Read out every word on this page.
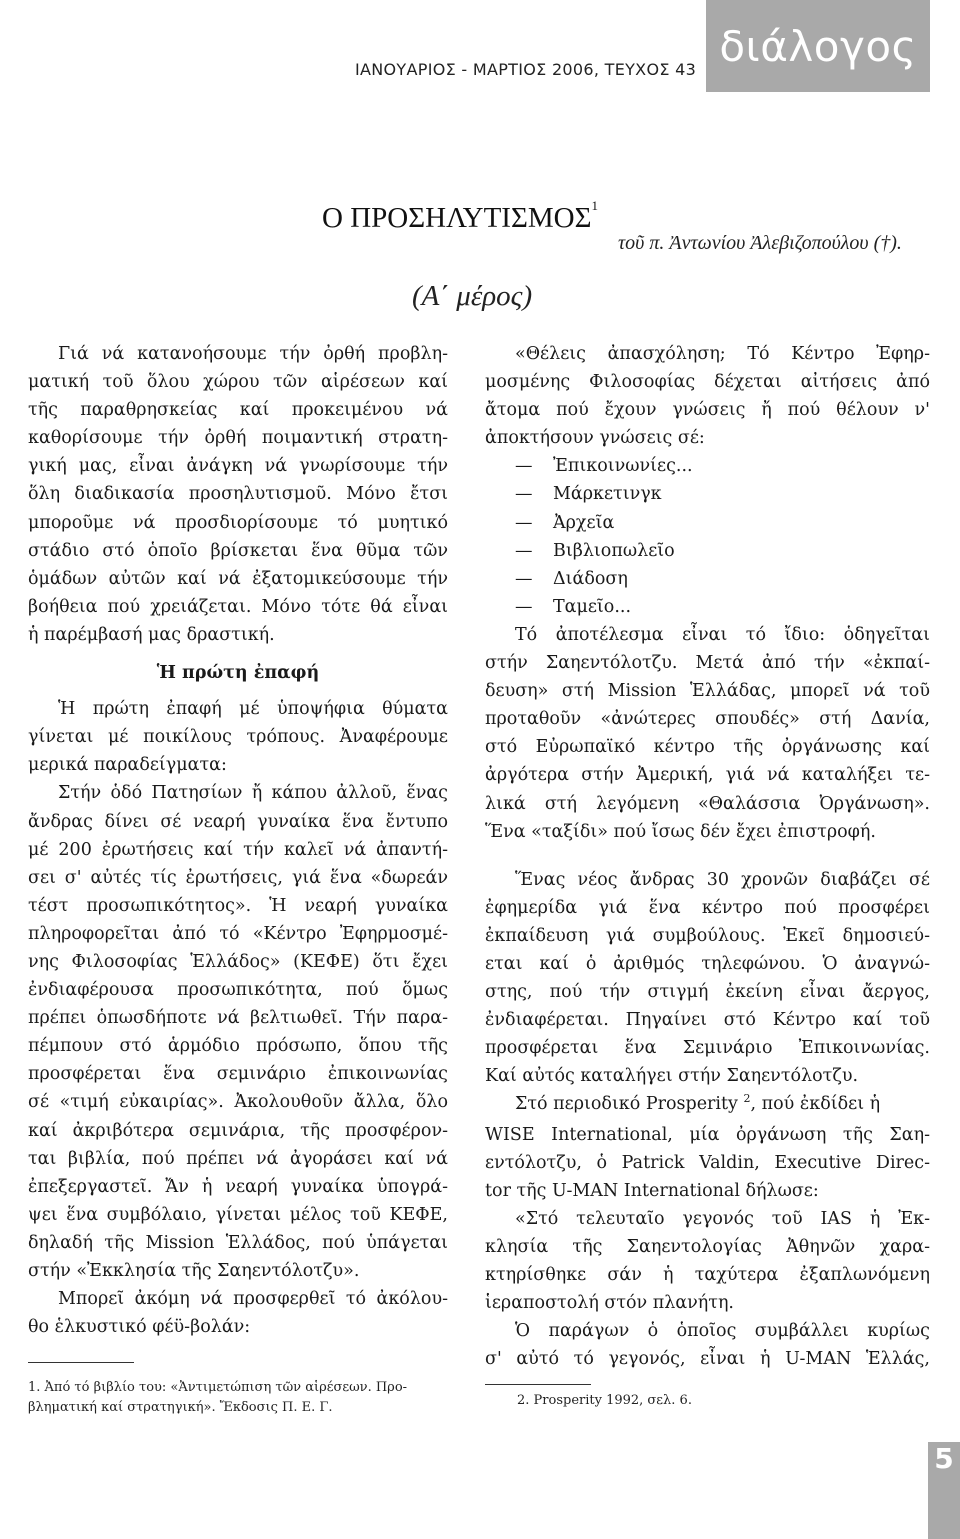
ΙΑΝΟΥΑΡΙΟΣ - ΜΑΡΤΙΟΣ 2006, ΤΕΥΧΟΣ 43 διάλογος
Ο ΠΡΟΣΗΛΥΤΙΣΜΟΣ$^1$
τοῦ π. Ἀντωνίου Ἀλεβιζοπούλου (†).
(Α΄ μέρος)
Γιά νά κατανοήσουμε τήν ὀρθή προβλη-
ματική τοῦ ὅλου χώρου τῶν αἱρέσεων καί
τῆς παραθρησκείας καί προκειμένου νά
καθορίσουμε τήν ὀρθή ποιμαντική στρατη-
γική μας, εἶναι ἀνάγκη νά γνωρίσουμε τήν
ὅλη διαδικασία προσηλυτισμοῦ. Μόνο ἔτσι
μποροῦμε νά προσδιορίσουμε τό μυητικό
στάδιο στό ὁποῖο βρίσκεται ἕνα θῦμα τῶν
ὁμάδων αὐτῶν καί νά ἐξατομικεύσουμε τήν
βοήθεια πού χρειάζεται. Μόνο τότε θά εἶναι
ἡ παρέμβασή μας δραστική.
Ἡ πρώτη ἐπαφή
Ἡ πρώτη ἐπαφή μέ ὑποψήφια θύματα
γίνεται μέ ποικίλους τρόπους. Ἀναφέρουμε
μερικά παραδείγματα:
Στήν ὁδό Πατησίων ἤ κάπου ἀλλοῦ, ἕνας
ἄνδρας δίνει σέ νεαρή γυναίκα ἕνα ἔντυπο
μέ 200 ἐρωτήσεις καί τήν καλεῖ νά ἀπαντή-
σει σ' αὐτές τίς ἐρωτήσεις, γιά ἕνα «δωρεάν
τέστ προσωπικότητος». Ἡ νεαρή γυναίκα
πληροφορεῖται ἀπό τό «Κέντρο Ἐφηρμοσμέ-
νης Φιλοσοφίας Ἑλλάδος» (ΚΕΦΕ) ὅτι ἔχει
ἐνδιαφέρουσα προσωπικότητα, πού ὅμως
πρέπει ὁπωσδήποτε νά βελτιωθεῖ. Τήν παρα-
πέμπουν στό ἁρμόδιο πρόσωπο, ὅπου τῆς
προσφέρεται ἕνα σεμινάριο ἐπικοινωνίας
σέ «τιμή εὐκαιρίας». Ἀκολουθοῦν ἄλλα, ὅλο
καί ἀκριβότερα σεμινάρια, τῆς προσφέρον-
ται βιβλία, πού πρέπει νά ἀγοράσει καί νά
ἐπεξεργαστεῖ. Ἄν ἡ νεαρή γυναίκα ὑπογρά-
ψει ἕνα συμβόλαιο, γίνεται μέλος τοῦ ΚΕΦΕ,
δηλαδή τῆς Mission Ἑλλάδος, πού ὑπάγεται
στήν «Ἐκκλησία τῆς Σαηεντόλοτζυ».
Μπορεῖ ἀκόμη νά προσφερθεῖ τό ἀκόλου-
θο ἑλκυστικό φέϋ-βολάν:
«Θέλεις ἀπασχόληση; Τό Κέντρο Ἐφηρ-
μοσμένης Φιλοσοφίας δέχεται αἰτήσεις ἀπό
ἄτομα πού ἔχουν γνώσεις ἤ πού θέλουν ν'
ἀποκτήσουν γνώσεις σέ:
— Ἐπικοινωνίες...
— Μάρκετινγκ
— Ἀρχεῖα
— Βιβλιοπωλεῖο
— Διάδοση
— Ταμεῖο...
Τό ἀποτέλεσμα εἶναι τό ἴδιο: ὁδηγεῖται
στήν Σαηεντόλοτζυ. Μετά ἀπό τήν «ἐκπαί-
δευση» στή Mission Ἑλλάδας, μπορεῖ νά τοῦ
προταθοῦν «ἀνώτερες σπουδές» στή Δανία,
στό Εὐρωπαϊκό κέντρο τῆς ὀργάνωσης καί
ἀργότερα στήν Ἀμερική, γιά νά καταλήξει τε-
λικά στή λεγόμενη «Θαλάσσια Ὀργάνωση».
Ἕνα «ταξίδι» πού ἴσως δέν ἔχει ἐπιστροφή.
Ἕνας νέος ἄνδρας 30 χρονῶν διαβάζει σέ
ἐφημερίδα γιά ἕνα κέντρο πού προσφέρει
ἐκπαίδευση γιά συμβούλους. Ἐκεῖ δημοσιεύ-
εται καί ὁ ἀριθμός τηλεφώνου. Ὁ ἀναγνώ-
στης, πού τήν στιγμή ἐκείνη εἶναι ἄεργος,
ἐνδιαφέρεται. Πηγαίνει στό Κέντρο καί τοῦ
προσφέρεται ἕνα Σεμινάριο Ἐπικοινωνίας.
Καί αὐτός καταλήγει στήν Σαηεντόλοτζυ.
Στό περιοδικό Prosperity $^2$, πού ἐκδίδει ἡ
WISE International, μία ὀργάνωση τῆς Σαη-
εντόλοτζυ, ὁ Patrick Valdin, Executive Direc-
tor τῆς U-MAN International δήλωσε:
«Στό τελευταῖο γεγονός τοῦ IAS ἡ Ἐκ-
κλησία τῆς Σαηεντολογίας Ἀθηνῶν χαρα-
κτηρίσθηκε σάν ἡ ταχύτερα ἐξαπλωνόμενη
ἱεραποστολή στόν πλανήτη.
Ὁ παράγων ὁ ὁποῖος συμβάλλει κυρίως
σ' αὐτό τό γεγονός, εἶναι ἡ U-MAN Ἑλλάς,
1. Ἀπό τό βιβλίο του: «Ἀντιμετώπιση τῶν αἱρέσεων. Προ-
βληματική καί στρατηγική». Ἔκδοσις Π. Ε. Γ.	2. Prosperity 1992, σελ. 6.
5
